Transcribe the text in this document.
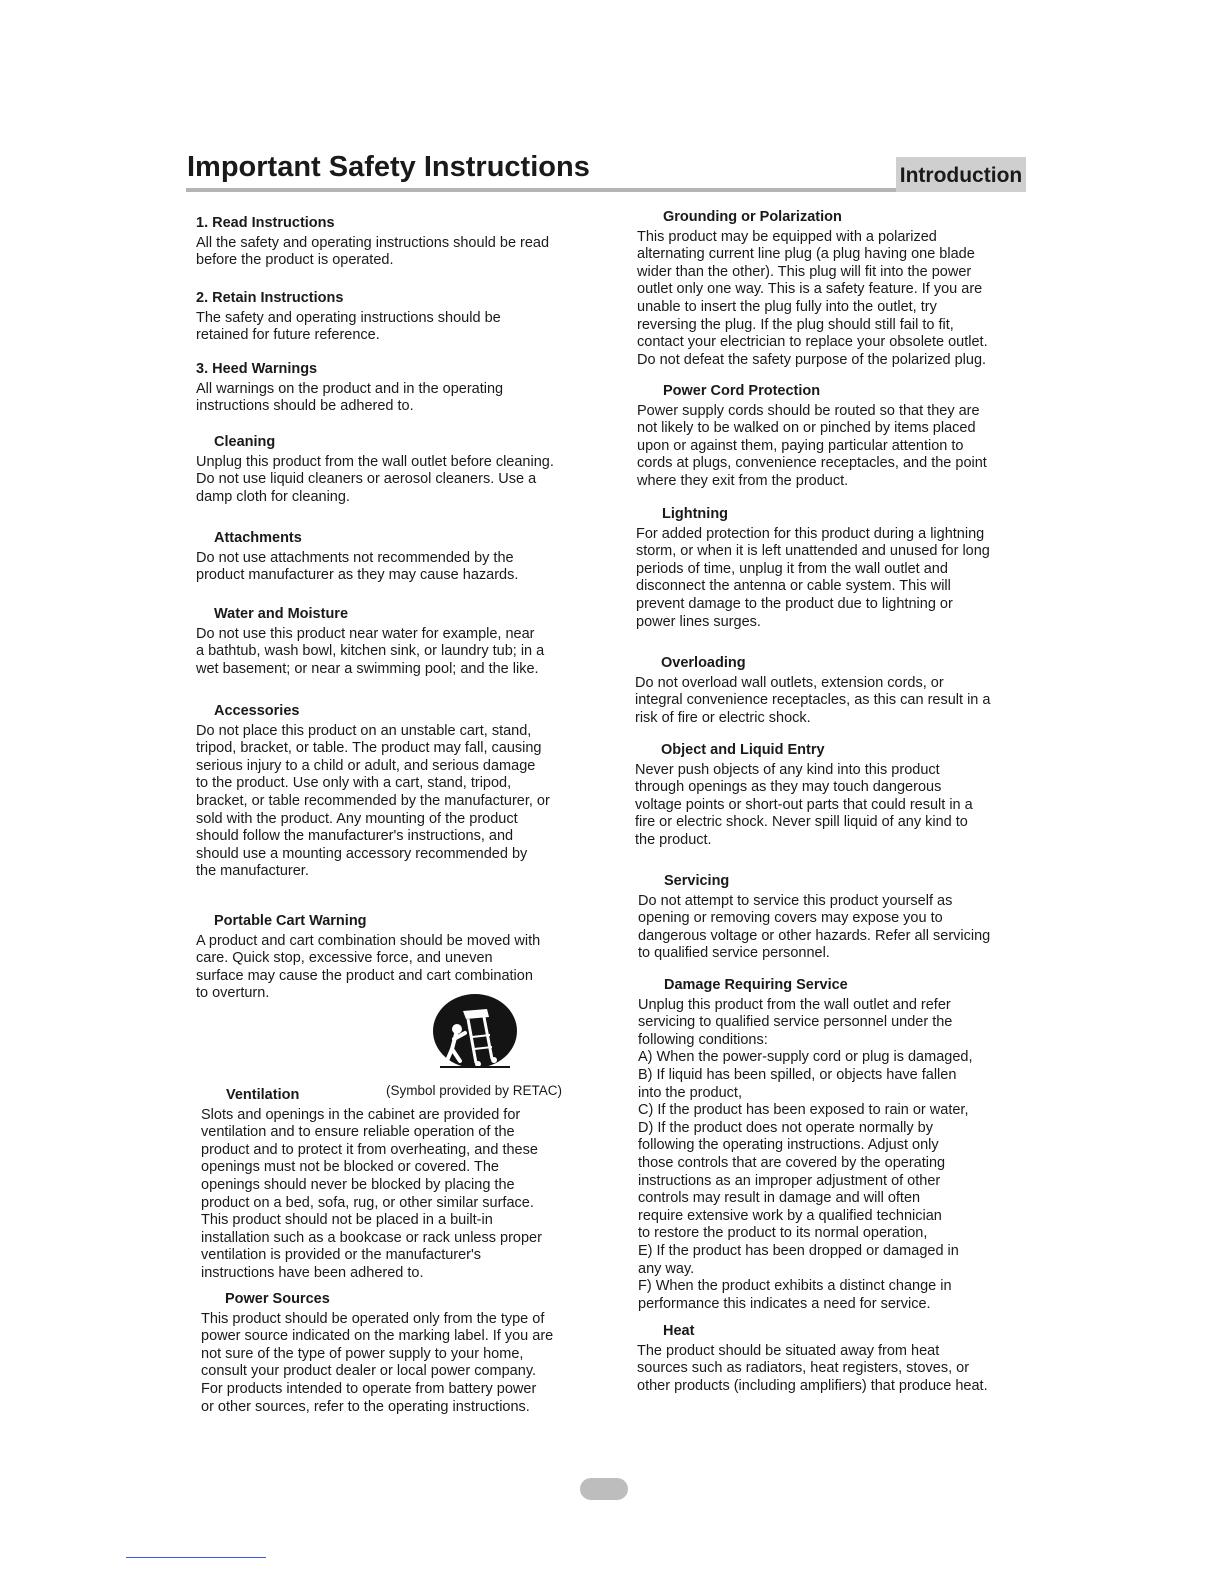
Important Safety Instructions	Introduction
1. Read Instructions

All the safety and operating instructions should be read
before the product is operated.

2. Retain Instructions

The safety and operating instructions should be
retained for future reference.

3. Heed Warnings

All warnings on the product and in the operating
instructions should be adhered to.

Cleaning

Unplug this product from the wall outlet before cleaning.
Do not use liquid cleaners or aerosol cleaners. Use a
damp cloth for cleaning.

Attachments

Do not use attachments not recommended by the
product manufacturer as they may cause hazards.

Water and Moisture

Do not use this product near water for example, near
a bathtub, wash bowl, kitchen sink, or laundry tub; in a
wet basement; or near a swimming pool; and the like.

Accessories

Do not place this product on an unstable cart, stand,
tripod, bracket, or table. The product may fall, causing
serious injury to a child or adult, and serious damage
to the product. Use only with a cart, stand, tripod,
bracket, or table recommended by the manufacturer, or
sold with the product. Any mounting of the product
should follow the manufacturer's instructions, and
should use a mounting accessory recommended by
the manufacturer.

Portable Cart Warning

A product and cart combination should be moved with
care. Quick stop, excessive force, and uneven
surface may cause the product and cart combination
to overturn.

Ventilation

Slots and openings in the cabinet are provided for
ventilation and to ensure reliable operation of the
product and to protect it from overheating, and these
openings must not be blocked or covered. The
openings should never be blocked by placing the
product on a bed, sofa, rug, or other similar surface.
This product should not be placed in a built-in
installation such as a bookcase or rack unless proper
ventilation is provided or the manufacturer's
instructions have been adhered to.

Power Sources

This product should be operated only from the type of
power source indicated on the marking label. If you are
not sure of the type of power supply to your home,
consult your product dealer or local power company.
For products intended to operate from battery power
or other sources, refer to the operating instructions.

(Symbol provided by RETAC)
Grounding or Polarization

This product may be equipped with a polarized
alternating current line plug (a plug having one blade
wider than the other). This plug will fit into the power
outlet only one way. This is a safety feature. If you are
unable to insert the plug fully into the outlet, try
reversing the plug. If the plug should still fail to fit,
contact your electrician to replace your obsolete outlet.
Do not defeat the safety purpose of the polarized plug.

Power Cord Protection

Power supply cords should be routed so that they are
not likely to be walked on or pinched by items placed
upon or against them, paying particular attention to
cords at plugs, convenience receptacles, and the point
where they exit from the product.

Lightning

For added protection for this product during a lightning
storm, or when it is left unattended and unused for long
periods of time, unplug it from the wall outlet and
disconnect the antenna or cable system. This will
prevent damage to the product due to lightning or
power lines surges.

Overloading

Do not overload wall outlets, extension cords, or
integral convenience receptacles, as this can result in a
risk of fire or electric shock.

Object and Liquid Entry

Never push objects of any kind into this product
through openings as they may touch dangerous
voltage points or short-out parts that could result in a
fire or electric shock. Never spill liquid of any kind to
the product.

Servicing

Do not attempt to service this product yourself as
opening or removing covers may expose you to
dangerous voltage or other hazards. Refer all servicing
to qualified service personnel.

Damage Requiring Service

Unplug this product from the wall outlet and refer
servicing to qualified service personnel under the
following conditions:
A) When the power-supply cord or plug is damaged,
B) If liquid has been spilled, or objects have fallen
into the product,
C) If the product has been exposed to rain or water,
D) If the product does not operate normally by
following the operating instructions. Adjust only
those controls that are covered by the operating
instructions as an improper adjustment of other
controls may result in damage and will often
require extensive work by a qualified technician
to restore the product to its normal operation,
E) If the product has been dropped or damaged in
any way.
F) When the product exhibits a distinct change in
performance this indicates a need for service.

Heat

The product should be situated away from heat
sources such as radiators, heat registers, stoves, or
other products (including amplifiers) that produce heat.
